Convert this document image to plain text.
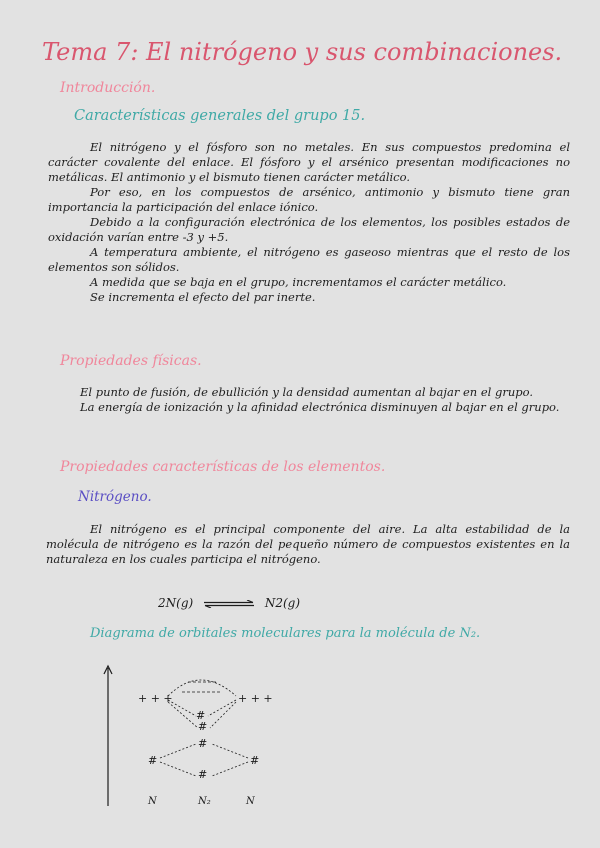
Tema 7: El nitrógeno y sus combinaciones.
Introducción.
Características generales del grupo 15.

El nitrógeno y el fósforo son no metales. En sus compuestos predomina el carácter covalente del enlace. El fósforo y el arsénico presentan modificaciones no metálicas. El antimonio y el bismuto tienen carácter metálico.

Por eso, en los compuestos de arsénico, antimonio y bismuto tiene gran importancia la participación del enlace iónico.

Debido a la configuración electrónica de los elementos, los posibles estados de oxidación varían entre -3 y +5.

A temperatura ambiente, el nitrógeno es gaseoso mientras que el resto de los elementos son sólidos.

A medida que se baja en el grupo, incrementamos el carácter metálico.

Se incrementa el efecto del par inerte.

Propiedades físicas.

El punto de fusión, de ebullición y la densidad aumentan al bajar en el grupo.

La energía de ionización y la afinidad electrónica disminuyen al bajar en el grupo.

Propiedades características de los elementos.
Nitrógeno.

El nitrógeno es el principal componente del aire. La alta estabilidad de la molécula de nitrógeno es la razón del pequeño número de compuestos existentes en la naturaleza en los cuales participa el nitrógeno.

2N(g)	N2(g)
Diagrama de orbitales moleculares para la molécula de N₂.
+ + +	+ + +
#
#
#	#
#
#
N	N₂	N
